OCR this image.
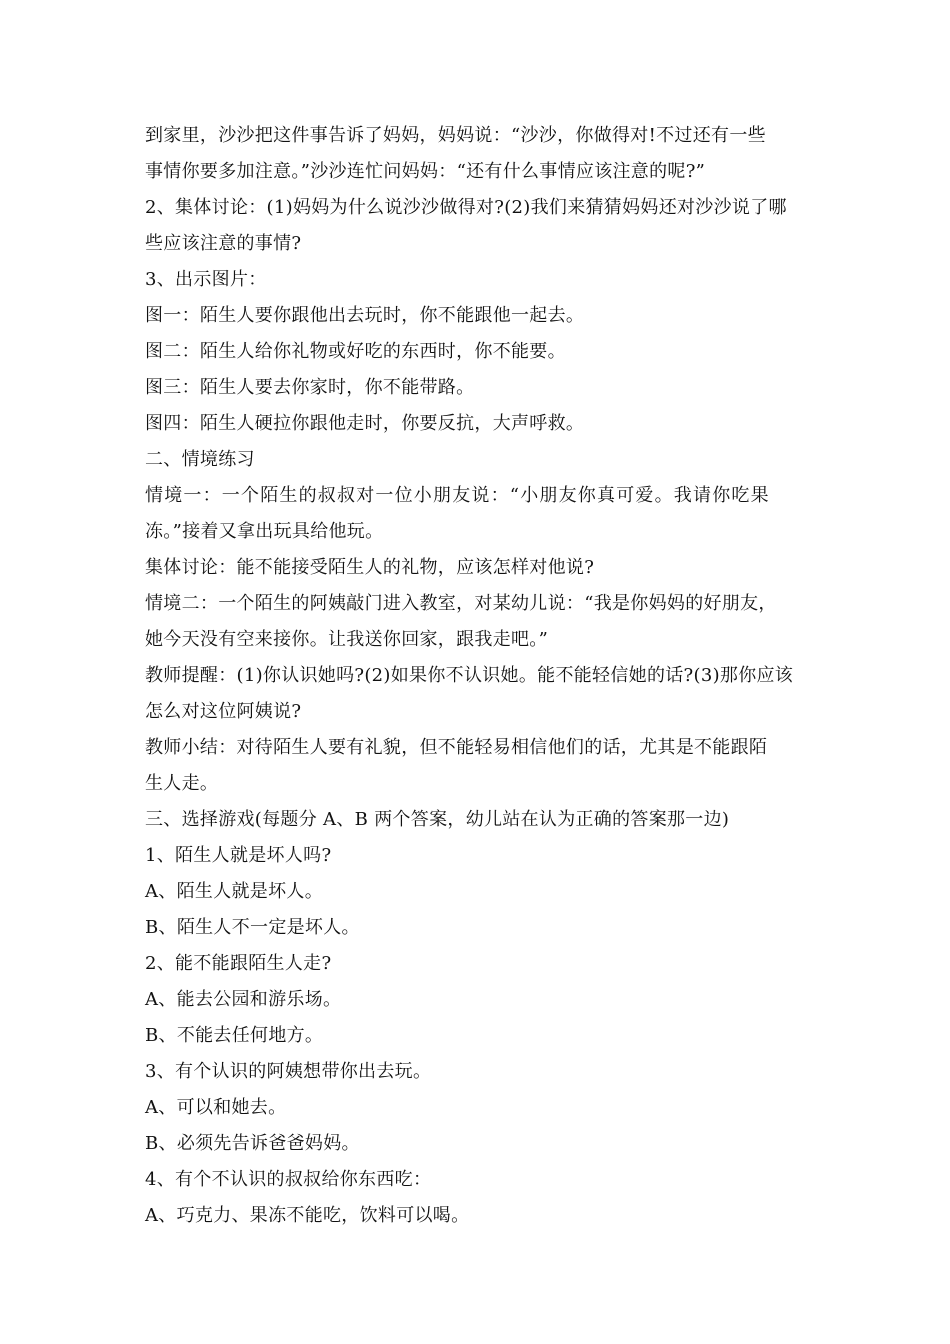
到家里，沙沙把这件事告诉了妈妈，妈妈说：“沙沙，你做得对!不过还有一些
事情你要多加注意。”沙沙连忙问妈妈：“还有什么事情应该注意的呢?”
2、集体讨论：(1)妈妈为什么说沙沙做得对?(2)我们来猜猜妈妈还对沙沙说了哪
些应该注意的事情?
3、出示图片：
图一：陌生人要你跟他出去玩时，你不能跟他一起去。
图二：陌生人给你礼物或好吃的东西时，你不能要。
图三：陌生人要去你家时，你不能带路。
图四：陌生人硬拉你跟他走时，你要反抗，大声呼救。
二、情境练习
情境一：一个陌生的叔叔对一位小朋友说：“小朋友你真可爱。我请你吃果
冻。”接着又拿出玩具给他玩。
集体讨论：能不能接受陌生人的礼物，应该怎样对他说?
情境二：一个陌生的阿姨敲门进入教室，对某幼儿说：“我是你妈妈的好朋友，
她今天没有空来接你。让我送你回家，跟我走吧。”
教师提醒：(1)你认识她吗?(2)如果你不认识她。能不能轻信她的话?(3)那你应该
怎么对这位阿姨说?
教师小结：对待陌生人要有礼貌，但不能轻易相信他们的话，尤其是不能跟陌
生人走。
三、选择游戏(每题分 A、B 两个答案，幼儿站在认为正确的答案那一边)
1、陌生人就是坏人吗?
A、陌生人就是坏人。
B、陌生人不一定是坏人。
2、能不能跟陌生人走?
A、能去公园和游乐场。
B、不能去任何地方。
3、有个认识的阿姨想带你出去玩。
A、可以和她去。
B、必须先告诉爸爸妈妈。
4、有个不认识的叔叔给你东西吃：
A、巧克力、果冻不能吃，饮料可以喝。
